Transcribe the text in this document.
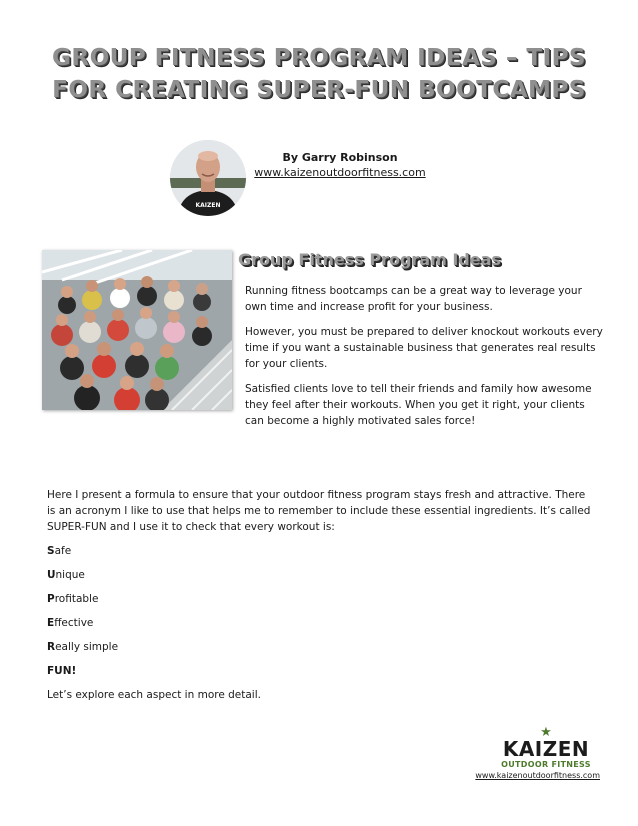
GROUP FITNESS PROGRAM IDEAS – TIPS FOR CREATING SUPER-FUN BOOTCAMPS
KAIZEN
By Garry Robinson
www.kaizenoutdoorfitness.com
Group Fitness Program Ideas

Running fitness bootcamps can be a great way to leverage your own time and increase profit for your business.

However, you must be prepared to deliver knockout workouts every time if you want a sustainable business that generates real results for your clients.

Satisfied clients love to tell their friends and family how awesome they feel after their workouts. When you get it right, your clients can become a highly motivated sales force!

Here I present a formula to ensure that your outdoor fitness program stays fresh and attractive. There is an acronym I like to use that helps me to remember to include these essential ingredients. It’s called SUPER-FUN and I use it to check that every workout is:

Safe
Unique
Profitable
Effective
Really simple
FUN!

Let’s explore each aspect in more detail.

★
KAIZEN
OUTDOOR FITNESS
www.kaizenoutdoorfitness.com
